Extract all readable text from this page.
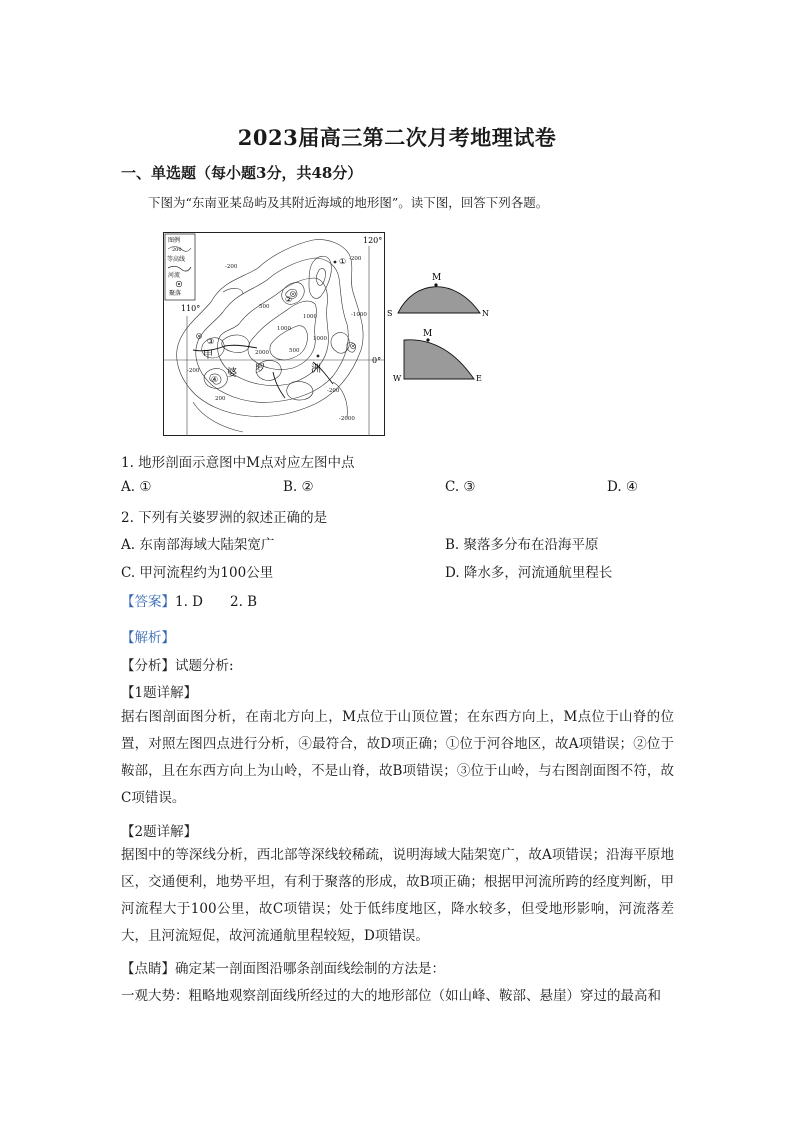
2023届高三第二次月考地理试卷
一、单选题（每小题3分，共48分）
下图为“东南亚某岛屿及其附近海域的地形图”。读下图，回答下列各题。
图例
200
等高线
河流
聚落
110°
120°
0°
①
②
③
④
-200
-200
-1000
1000
2000	500
-200
200
-2000
-200
1000
500
1000
甲
婆 罗	洲
M
S	N
M
W	E
1. 地形剖面示意图中M点对应左图中点
A. ①	B. ②	C. ③	D. ④
2. 下列有关婆罗洲的叙述正确的是
A. 东南部海域大陆架宽广	B. 聚落多分布在沿海平原
C. 甲河流程约为100公里	D. 降水多，河流通航里程长
【答案】1. D　　2. B
【解析】
【分析】试题分析:
【1题详解】
据右图剖面图分析，在南北方向上，M点位于山顶位置；在东西方向上，M点位于山脊的位置，对照左图四点进行分析，④最符合，故D项正确；①位于河谷地区，故A项错误；②位于鞍部，且在东西方向上为山岭，不是山脊，故B项错误；③位于山岭，与右图剖面图不符，故C项错误。
【2题详解】
据图中的等深线分析，西北部等深线较稀疏，说明海域大陆架宽广，故A项错误；沿海平原地区，交通便利，地势平坦，有利于聚落的形成，故B项正确；根据甲河流所跨的经度判断，甲河流程大于100公里，故C项错误；处于低纬度地区，降水较多，但受地形影响，河流落差大，且河流短促，故河流通航里程较短，D项错误。
【点睛】确定某一剖面图沿哪条剖面线绘制的方法是：
一观大势：粗略地观察剖面线所经过的大的地形部位（如山峰、鞍部、悬崖）穿过的最高和
